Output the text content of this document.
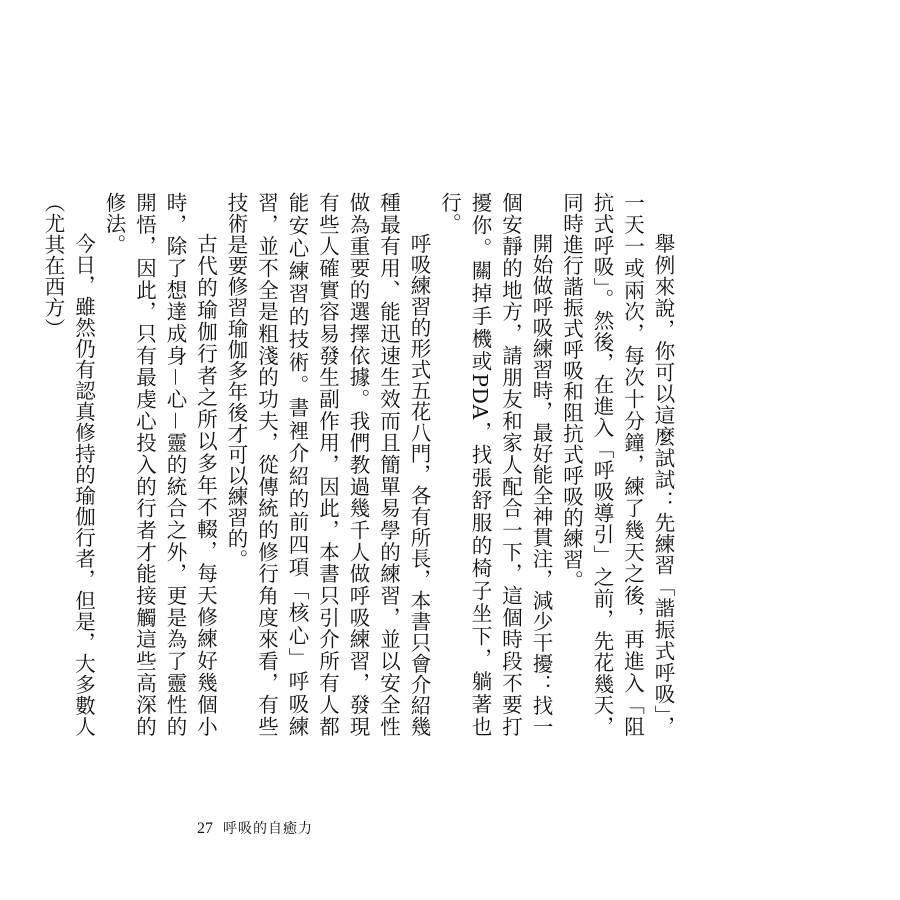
舉例來說，你可以這麼試試：先練習「諧振式呼吸」，一天一或兩次，每次十分鐘，練了幾天之後，再進入「阻抗式呼吸」。然後，在進入「呼吸導引」之前，先花幾天，同時進行諧振式呼吸和阻抗式呼吸的練習。

開始做呼吸練習時，最好能全神貫注，減少干擾：找一個安靜的地方，請朋友和家人配合一下，這個時段不要打擾你。關掉手機或PDA，找張舒服的椅子坐下，躺著也行。

呼吸練習的形式五花八門，各有所長，本書只會介紹幾種最有用、能迅速生效而且簡單易學的練習，並以安全性做為重要的選擇依據。我們教過幾千人做呼吸練習，發現有些人確實容易發生副作用，因此，本書只引介所有人都能安心練習的技術。書裡介紹的前四項「核心」呼吸練習，並不全是粗淺的功夫，從傳統的修行角度來看，有些技術是要修習瑜伽多年後才可以練習的。

古代的瑜伽行者之所以多年不輟，每天修練好幾個小時，除了想達成身－心－靈的統合之外，更是為了靈性的開悟，因此，只有最虔心投入的行者才能接觸這些高深的修法。

今日，雖然仍有認真修持的瑜伽行者，但是，大多數人（尤其在西方）

27 呼吸的自癒力
